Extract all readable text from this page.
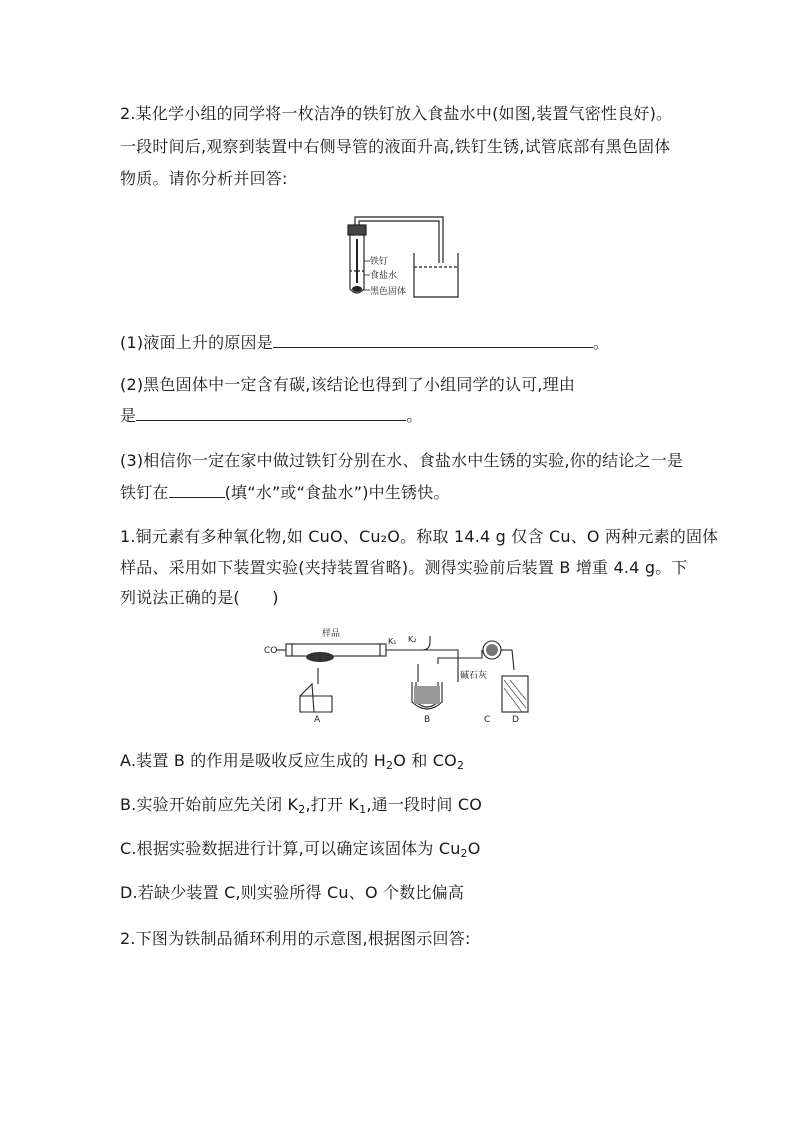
2.某化学小组的同学将一枚洁净的铁钉放入食盐水中(如图,装置气密性良好)。
一段时间后,观察到装置中右侧导管的液面升高,铁钉生锈,试管底部有黑色固体
物质。请你分析并回答:
铁钉
食盐水
黑色固体
(1)液面上升的原因是	。
(2)黑色固体中一定含有碳,该结论也得到了小组同学的认可,理由
是	。
(3)相信你一定在家中做过铁钉分别在水、食盐水中生锈的实验,你的结论之一是
铁钉在	(填“水”或“食盐水”)中生锈快。
1.铜元素有多种氧化物,如 CuO、Cu₂O。称取 14.4 g 仅含 Cu、O 两种元素的固体
样品、采用如下装置实验(夹持装置省略)。测得实验前后装置 B 增重 4.4 g。下
列说法正确的是(　　)
CO
样品
K₁ K₂
碱石灰
A	B	C D
A.装置 B 的作用是吸收反应生成的 $H_2O$ 和 $CO_2$
B.实验开始前应先关闭 $K_2$,打开 $K_1$,通一段时间 CO
C.根据实验数据进行计算,可以确定该固体为 $Cu_2O$
D.若缺少装置 C,则实验所得 Cu、O 个数比偏高
2.下图为铁制品循环利用的示意图,根据图示回答:
